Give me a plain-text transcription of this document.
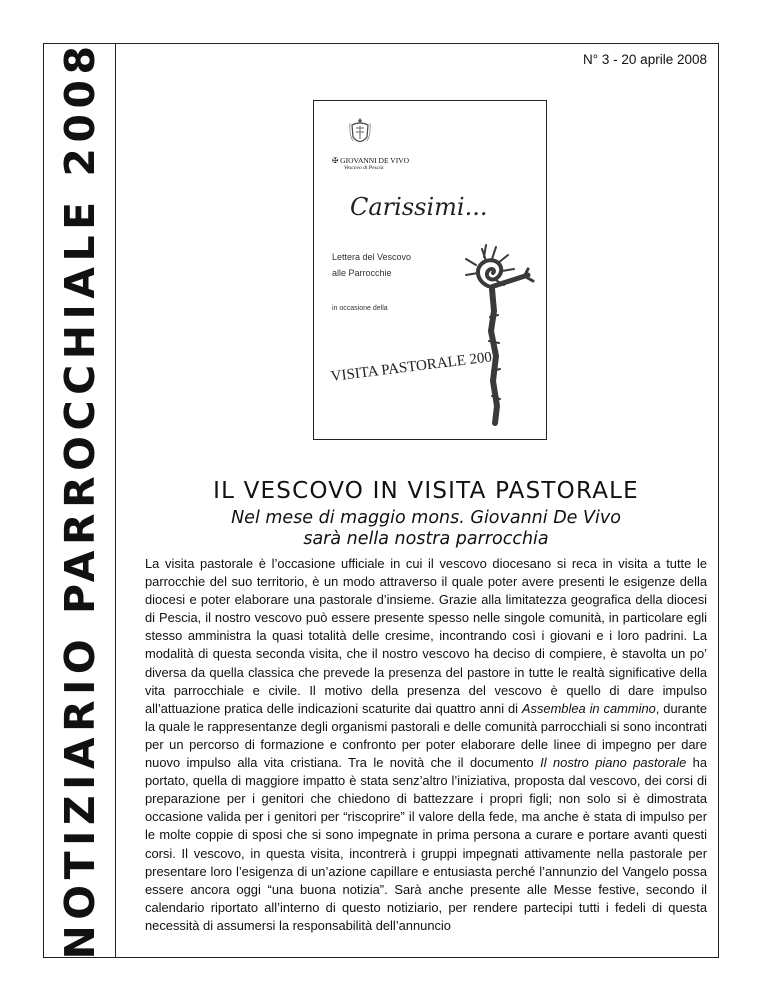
NOTIZIARIO PARROCCHIALE 2008	N° 3 - 20 aprile 2008
✠ GIOVANNI DE VIVO
Vescovo di Pescia
Carissimi...
Lettera del Vescovo
alle Parrocchie
in occasione della
VISITA PASTORALE 2007
IL VESCOVO IN VISITA PASTORALE
Nel mese di maggio mons. Giovanni De Vivo
sarà nella nostra parrocchia

La visita pastorale è l’occasione ufficiale in cui il vescovo diocesano si reca in visita a tutte le parrocchie del suo territorio, è un modo attraverso il quale poter avere presenti le esigenze della diocesi e poter elaborare una pastorale d’insieme. Grazie alla limitatezza geografica della diocesi di Pescia, il nostro vescovo può essere presente spesso nelle singole comunità, in particolare egli stesso amministra la quasi totalità delle cresime, incontrando così i giovani e i loro padrini. La modalità di questa seconda visita, che il nostro vescovo ha deciso di compiere, è stavolta un po’ diversa da quella classica che prevede la presenza del pastore in tutte le realtà significative della vita parrocchiale e civile. Il motivo della presenza del vescovo è quello di dare impulso all’attuazione pratica delle indicazioni scaturite dai quattro anni di Assemblea in cammino, durante la quale le rappresentanze degli organismi pastorali e delle comunità parrocchiali si sono incontrati per un percorso di formazione e confronto per poter elaborare delle linee di impegno per dare nuovo impulso alla vita cristiana. Tra le novità che il documento Il nostro piano pastorale ha portato, quella di maggiore impatto è stata senz’altro l’iniziativa, proposta dal vescovo, dei corsi di preparazione per i genitori che chiedono di battezzare i propri figli; non solo si è dimostrata occasione valida per i genitori per “riscoprire” il valore della fede, ma anche è stata di impulso per le molte coppie di sposi che si sono impegnate in prima persona a curare e portare avanti questi corsi. Il vescovo, in questa visita, incontrerà i gruppi impegnati attivamente nella pastorale per presentare loro l’esigenza di un’azione capillare e entusiasta perché l’annunzio del Vangelo possa essere ancora oggi “una buona notizia”. Sarà anche presente alle Messe festive, secondo il calendario riportato all’interno di questo notiziario, per rendere partecipi tutti i fedeli di questa necessità di assumersi la responsabilità dell’annuncio
